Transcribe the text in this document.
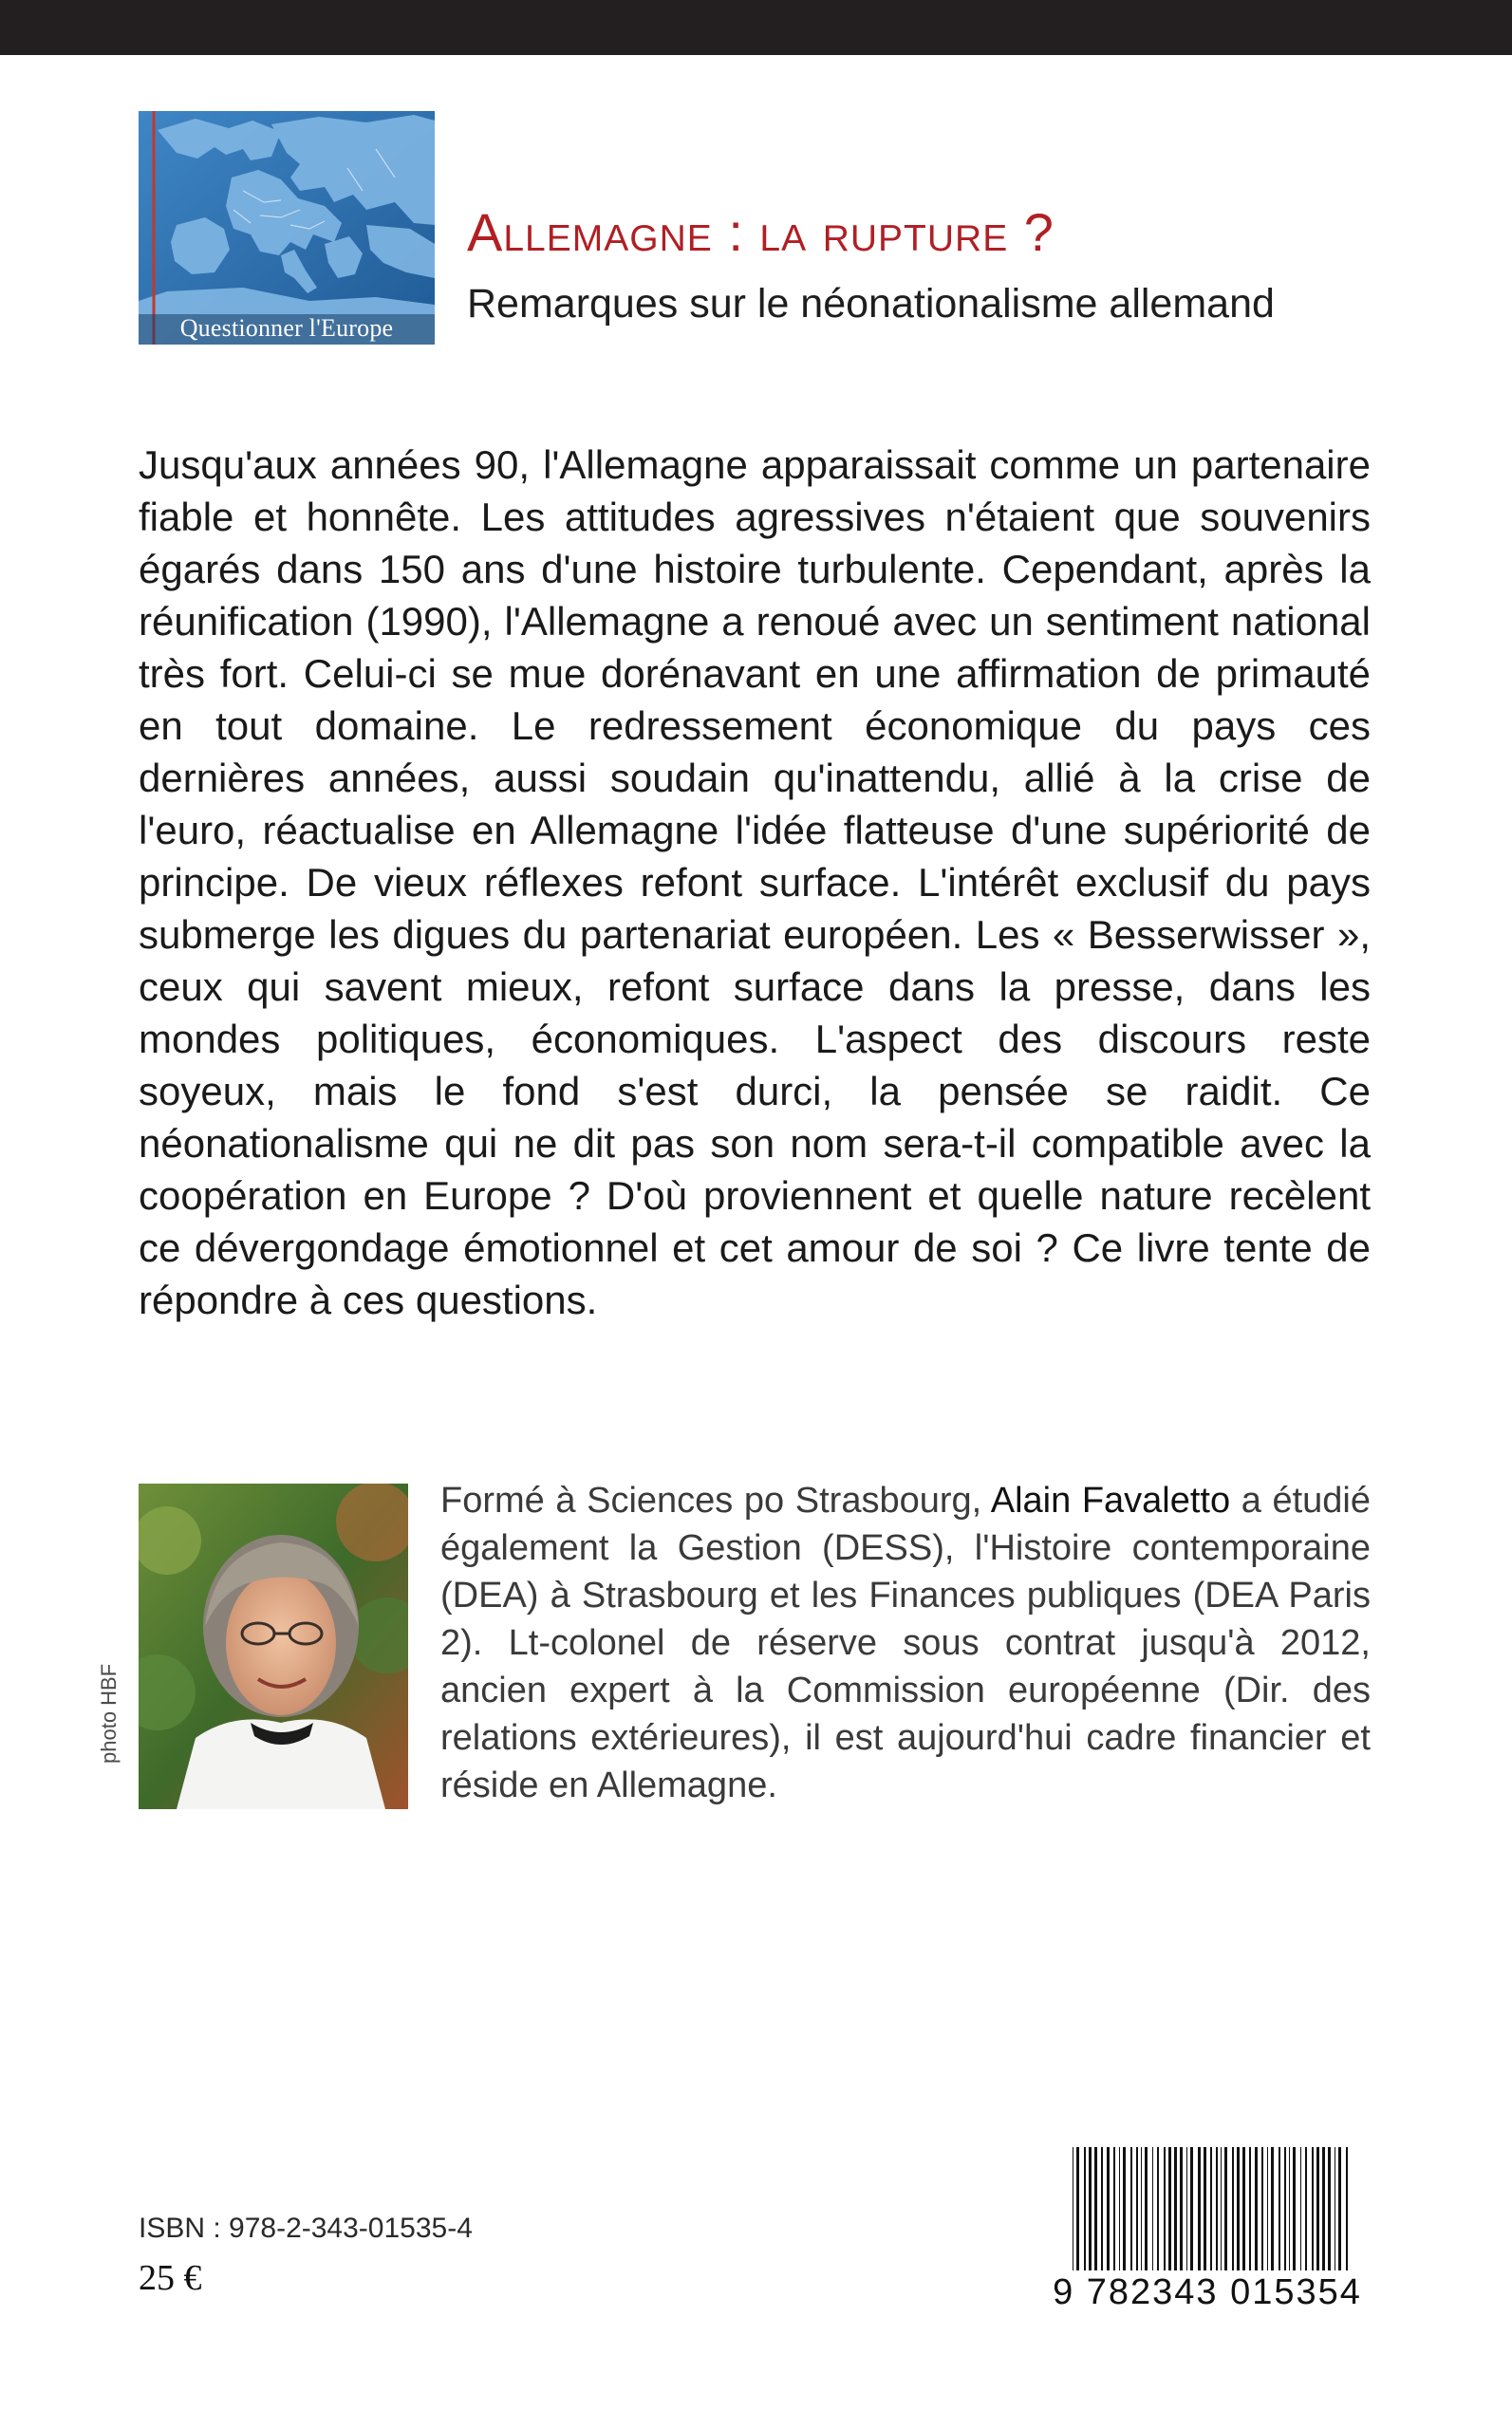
Questionner l'Europe
Allemagne : la rupture ?
Remarques sur le néonationalisme allemand

Jusqu'aux années 90, l'Allemagne apparaissait comme un partenaire fiable et honnête. Les attitudes agressives n'étaient que souvenirs égarés dans 150 ans d'une histoire turbulente. Cependant, après la réunification (1990), l'Allemagne a renoué avec un sentiment national très fort. Celui-ci se mue dorénavant en une affirmation de primauté en tout domaine. Le redressement économique du pays ces dernières années, aussi soudain qu'inattendu, allié à la crise de l'euro, réactualise en Allemagne l'idée flatteuse d'une supériorité de principe. De vieux réflexes refont surface. L'intérêt exclusif du pays submerge les digues du partenariat européen. Les « Besserwisser », ceux qui savent mieux, refont surface dans la presse, dans les mondes politiques, économiques. L'aspect des discours reste soyeux, mais le fond s'est durci, la pensée se raidit. Ce néonationalisme qui ne dit pas son nom sera-t-il compatible avec la coopération en Europe ? D'où proviennent et quelle nature recèlent ce dévergondage émotionnel et cet amour de soi ? Ce livre tente de répondre à ces questions.

photo HBF

Formé à Sciences po Strasbourg, Alain Favaletto a étudié également la Gestion (DESS), l'Histoire contemporaine (DEA) à Strasbourg et les Finances publiques (DEA Paris 2). Lt-colonel de réserve sous contrat jusqu'à 2012, ancien expert à la Commission européenne (Dir. des relations extérieures), il est aujourd'hui cadre financier et réside en Allemagne.

ISBN : 978-2-343-01535-4
25 €	9 782343 015354
